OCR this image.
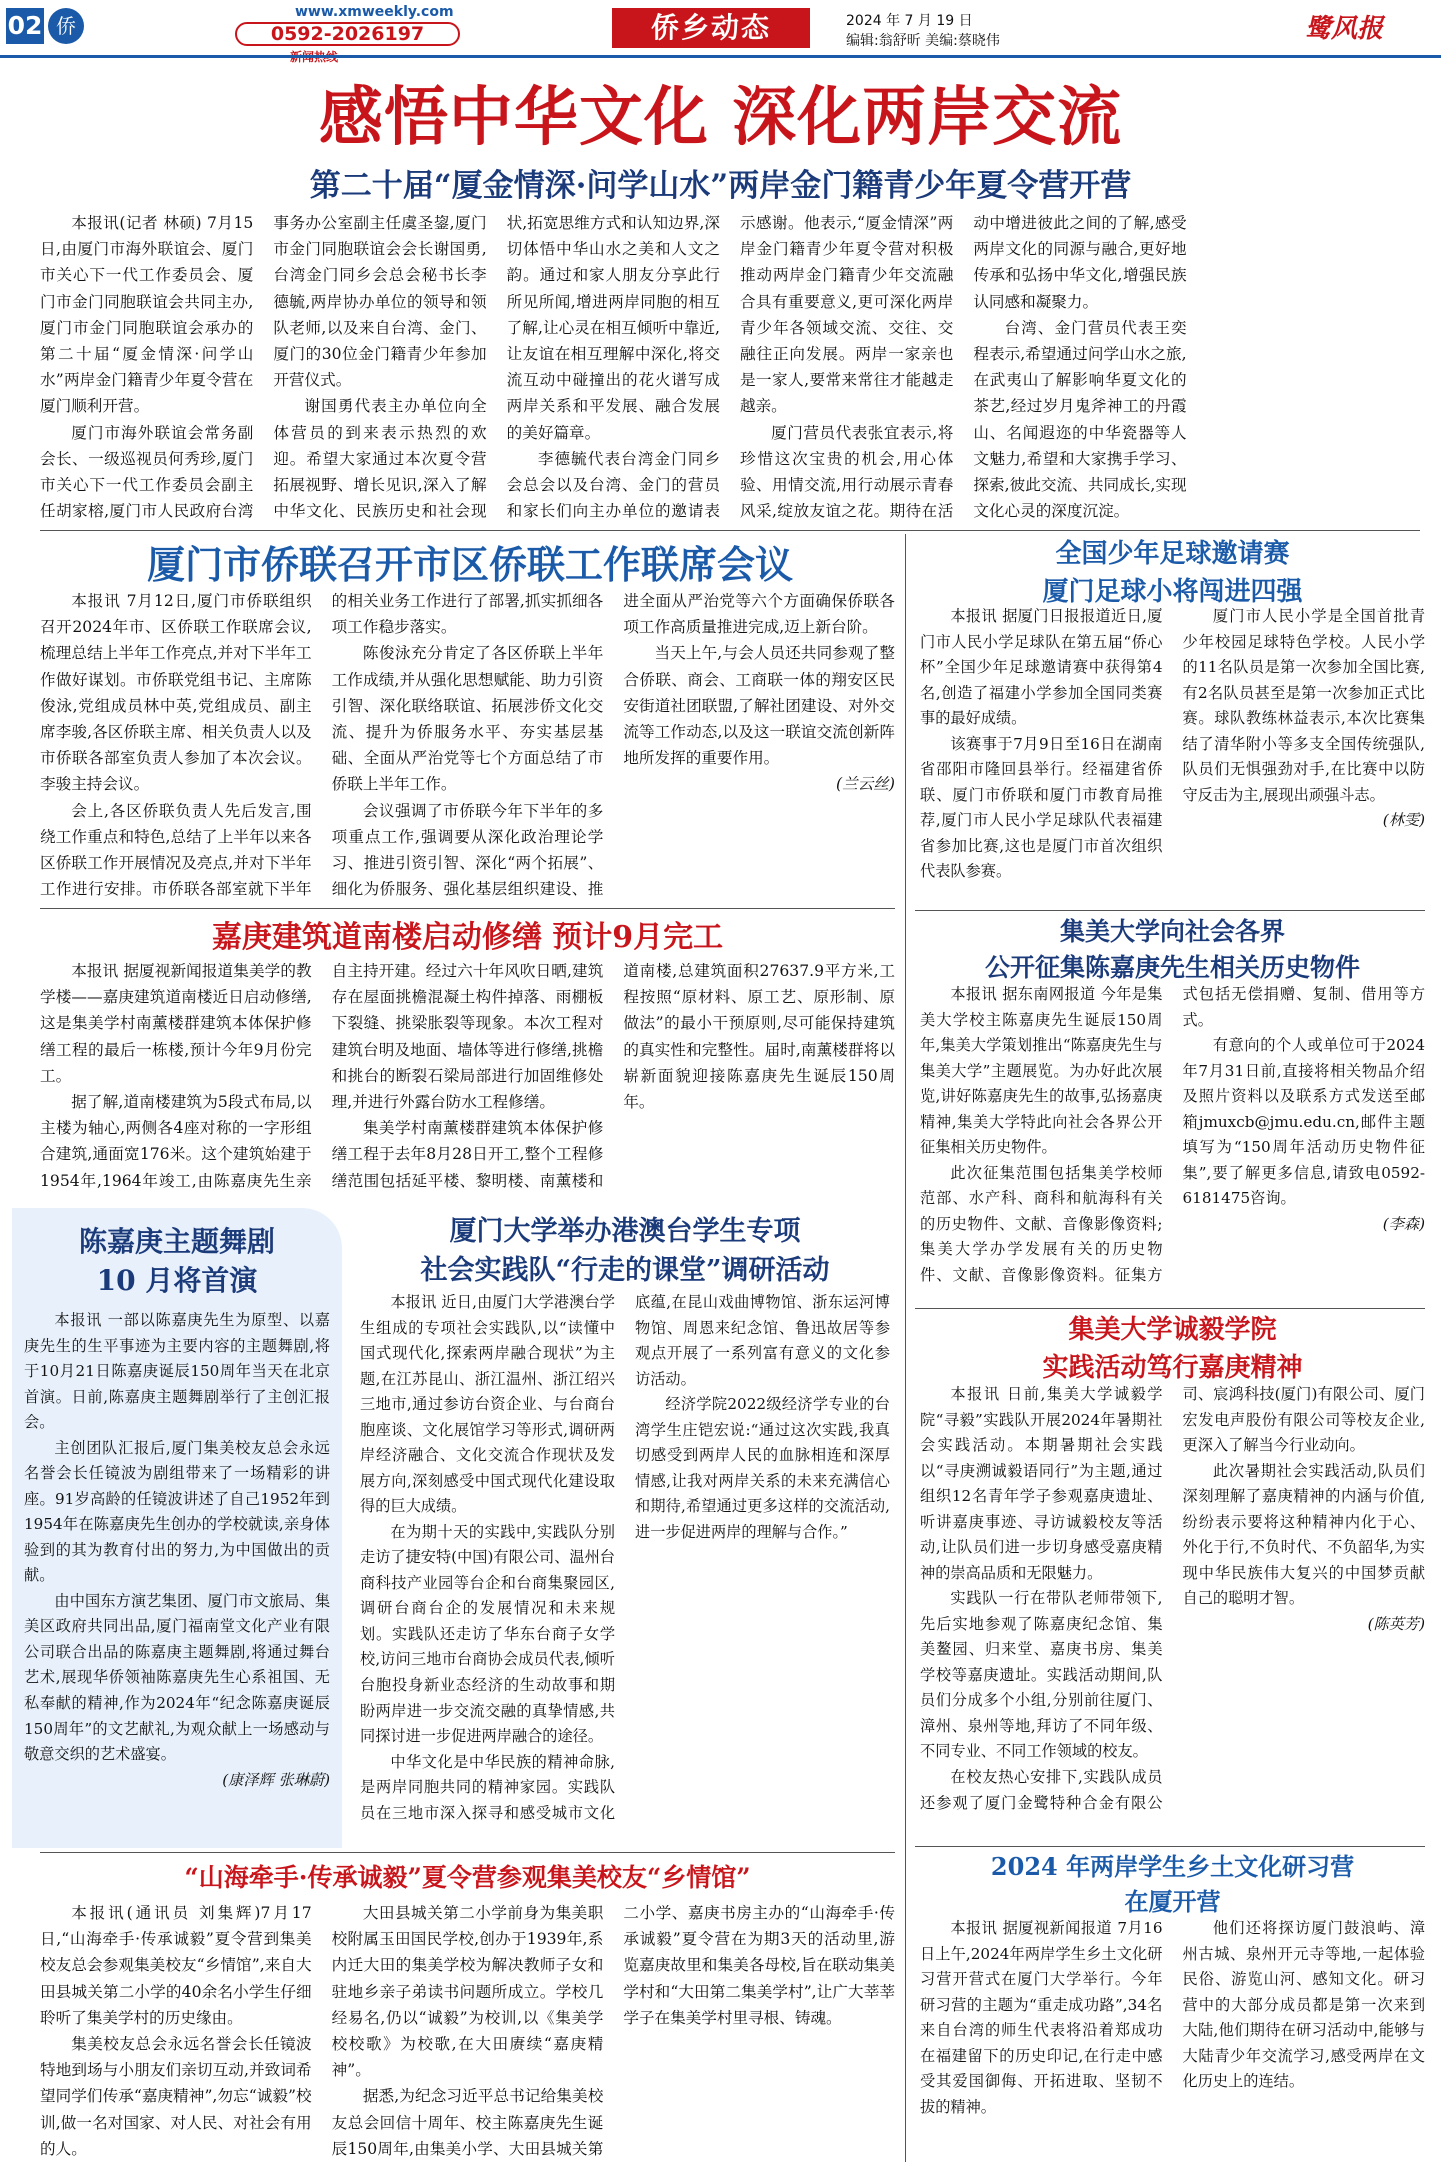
02 侨
www.xmweekly.com
0592-2026197	侨乡动态	2024 年 7 月 19 日
编辑:翁舒昕 美编:蔡晓伟	鹭风报
感悟中华文化 深化两岸交流
第二十届“厦金情深·问学山水”两岸金门籍青少年夏令营开营

本报讯(记者 林硕) 7月15日,由厦门市海外联谊会、厦门市关心下一代工作委员会、厦门市金门同胞联谊会共同主办,厦门市金门同胞联谊会承办的第二十届“厦金情深·问学山水”两岸金门籍青少年夏令营在厦门顺利开营。

厦门市海外联谊会常务副会长、一级巡视员何秀珍,厦门市关心下一代工作委员会副主任胡家榕,厦门市人民政府台湾事务办公室副主任虞圣鋆,厦门市金门同胞联谊会会长谢国勇,台湾金门同乡会总会秘书长李德毓,两岸协办单位的领导和领队老师,以及来自台湾、金门、厦门的30位金门籍青少年参加开营仪式。

谢国勇代表主办单位向全体营员的到来表示热烈的欢迎。希望大家通过本次夏令营拓展视野、增长见识,深入了解中华文化、民族历史和社会现状,拓宽思维方式和认知边界,深切体悟中华山水之美和人文之韵。通过和家人朋友分享此行所见所闻,增进两岸同胞的相互了解,让心灵在相互倾听中靠近,让友谊在相互理解中深化,将交流互动中碰撞出的花火谱写成两岸关系和平发展、融合发展的美好篇章。

李德毓代表台湾金门同乡会总会以及台湾、金门的营员和家长们向主办单位的邀请表示感谢。他表示,“厦金情深”两岸金门籍青少年夏令营对积极推动两岸金门籍青少年交流融合具有重要意义,更可深化两岸青少年各领域交流、交往、交融往正向发展。两岸一家亲也是一家人,要常来常往才能越走越亲。

厦门营员代表张宜表示,将珍惜这次宝贵的机会,用心体验、用情交流,用行动展示青春风采,绽放友谊之花。期待在活动中增进彼此之间的了解,感受两岸文化的同源与融合,更好地传承和弘扬中华文化,增强民族认同感和凝聚力。

台湾、金门营员代表王奕程表示,希望通过问学山水之旅,在武夷山了解影响华夏文化的茶艺,经过岁月鬼斧神工的丹霞山、名闻遐迩的中华瓷器等人文魅力,希望和大家携手学习、探索,彼此交流、共同成长,实现文化心灵的深度沉淀。

厦门市侨联召开市区侨联工作联席会议

本报讯 7月12日,厦门市侨联组织召开2024年市、区侨联工作联席会议,梳理总结上半年工作亮点,并对下半年工作做好谋划。市侨联党组书记、主席陈俊泳,党组成员林中英,党组成员、副主席李骏,各区侨联主席、相关负责人以及市侨联各部室负责人参加了本次会议。李骏主持会议。

会上,各区侨联负责人先后发言,围绕工作重点和特色,总结了上半年以来各区侨联工作开展情况及亮点,并对下半年工作进行安排。市侨联各部室就下半年的相关业务工作进行了部署,抓实抓细各项工作稳步落实。

陈俊泳充分肯定了各区侨联上半年工作成绩,并从强化思想赋能、助力引资引智、深化联络联谊、拓展涉侨文化交流、提升为侨服务水平、夯实基层基础、全面从严治党等七个方面总结了市侨联上半年工作。

会议强调了市侨联今年下半年的多项重点工作,强调要从深化政治理论学习、推进引资引智、深化“两个拓展”、细化为侨服务、强化基层组织建设、推进全面从严治党等六个方面确保侨联各项工作高质量推进完成,迈上新台阶。

当天上午,与会人员还共同参观了整合侨联、商会、工商联一体的翔安区民安街道社团联盟,了解社团建设、对外交流等工作动态,以及这一联谊交流创新阵地所发挥的重要作用。

(兰云丝)
嘉庚建筑道南楼启动修缮 预计9月完工

本报讯 据厦视新闻报道集美学的教学楼——嘉庚建筑道南楼近日启动修缮,这是集美学村南薰楼群建筑本体保护修缮工程的最后一栋楼,预计今年9月份完工。

据了解,道南楼建筑为5段式布局,以主楼为轴心,两侧各4座对称的一字形组合建筑,通面宽176米。这个建筑始建于1954年,1964年竣工,由陈嘉庚先生亲自主持开建。经过六十年风吹日晒,建筑存在屋面挑檐混凝土构件掉落、雨棚板下裂缝、挑梁胀裂等现象。本次工程对建筑台明及地面、墙体等进行修缮,挑檐和挑台的断裂石梁局部进行加固维修处理,并进行外露台防水工程修缮。

集美学村南薰楼群建筑本体保护修缮工程于去年8月28日开工,整个工程修缮范围包括延平楼、黎明楼、南薰楼和道南楼,总建筑面积27637.9平方米,工程按照“原材料、原工艺、原形制、原做法”的最小干预原则,尽可能保持建筑的真实性和完整性。届时,南薰楼群将以崭新面貌迎接陈嘉庚先生诞辰150周年。

陈嘉庚主题舞剧
10 月将首演

本报讯 一部以陈嘉庚先生为原型、以嘉庚先生的生平事迹为主要内容的主题舞剧,将于10月21日陈嘉庚诞辰150周年当天在北京首演。日前,陈嘉庚主题舞剧举行了主创汇报会。

主创团队汇报后,厦门集美校友总会永远名誉会长任镜波为剧组带来了一场精彩的讲座。91岁高龄的任镜波讲述了自己1952年到1954年在陈嘉庚先生创办的学校就读,亲身体验到的其为教育付出的努力,为中国做出的贡献。

由中国东方演艺集团、厦门市文旅局、集美区政府共同出品,厦门福南堂文化产业有限公司联合出品的陈嘉庚主题舞剧,将通过舞台艺术,展现华侨领袖陈嘉庚先生心系祖国、无私奉献的精神,作为2024年“纪念陈嘉庚诞辰150周年”的文艺献礼,为观众献上一场感动与敬意交织的艺术盛宴。

(康泽辉 张琳蔚)
厦门大学举办港澳台学生专项
社会实践队“行走的课堂”调研活动

本报讯 近日,由厦门大学港澳台学生组成的专项社会实践队,以“读懂中国式现代化,探索两岸融合现状”为主题,在江苏昆山、浙江温州、浙江绍兴三地市,通过参访台资企业、与台商台胞座谈、文化展馆学习等形式,调研两岸经济融合、文化交流合作现状及发展方向,深刻感受中国式现代化建设取得的巨大成绩。

在为期十天的实践中,实践队分别走访了捷安特(中国)有限公司、温州台商科技产业园等台企和台商集聚园区,调研台商台企的发展情况和未来规划。实践队还走访了华东台商子女学校,访问三地市台商协会成员代表,倾听台胞投身新业态经济的生动故事和期盼两岸进一步交流交融的真挚情感,共同探讨进一步促进两岸融合的途径。

中华文化是中华民族的精神命脉,是两岸同胞共同的精神家园。实践队员在三地市深入探寻和感受城市文化底蕴,在昆山戏曲博物馆、浙东运河博物馆、周恩来纪念馆、鲁迅故居等参观点开展了一系列富有意义的文化参访活动。

经济学院2022级经济学专业的台湾学生庄铠宏说:“通过这次实践,我真切感受到两岸人民的血脉相连和深厚情感,让我对两岸关系的未来充满信心和期待,希望通过更多这样的交流活动,进一步促进两岸的理解与合作。”

“山海牵手·传承诚毅”夏令营参观集美校友“乡情馆”

本报讯(通讯员 刘集辉)7月17日,“山海牵手·传承诚毅”夏令营到集美校友总会参观集美校友“乡情馆”,来自大田县城关第二小学的40余名小学生仔细聆听了集美学村的历史缘由。

集美校友总会永远名誉会长任镜波特地到场与小朋友们亲切互动,并致词希望同学们传承“嘉庚精神”,勿忘“诚毅”校训,做一名对国家、对人民、对社会有用的人。

大田县城关第二小学前身为集美职校附属玉田国民学校,创办于1939年,系内迁大田的集美学校为解决教师子女和驻地乡亲子弟读书问题所成立。学校几经易名,仍以“诚毅”为校训,以《集美学校校歌》为校歌,在大田赓续“嘉庚精神”。

据悉,为纪念习近平总书记给集美校友总会回信十周年、校主陈嘉庚先生诞辰150周年,由集美小学、大田县城关第二小学、嘉庚书房主办的“山海牵手·传承诚毅”夏令营在为期3天的活动里,游览嘉庚故里和集美各母校,旨在联动集美学村和“大田第二集美学村”,让广大莘莘学子在集美学村里寻根、铸魂。

全国少年足球邀请赛
厦门足球小将闯进四强

本报讯 据厦门日报报道近日,厦门市人民小学足球队在第五届“侨心杯”全国少年足球邀请赛中获得第4名,创造了福建小学参加全国同类赛事的最好成绩。

该赛事于7月9日至16日在湖南省邵阳市隆回县举行。经福建省侨联、厦门市侨联和厦门市教育局推荐,厦门市人民小学足球队代表福建省参加比赛,这也是厦门市首次组织代表队参赛。

厦门市人民小学是全国首批青少年校园足球特色学校。人民小学的11名队员是第一次参加全国比赛,有2名队员甚至是第一次参加正式比赛。球队教练林益表示,本次比赛集结了清华附小等多支全国传统强队,队员们无惧强劲对手,在比赛中以防守反击为主,展现出顽强斗志。

(林雯)
集美大学向社会各界
公开征集陈嘉庚先生相关历史物件

本报讯 据东南网报道 今年是集美大学校主陈嘉庚先生诞辰150周年,集美大学策划推出“陈嘉庚先生与集美大学”主题展览。为办好此次展览,讲好陈嘉庚先生的故事,弘扬嘉庚精神,集美大学特此向社会各界公开征集相关历史物件。

此次征集范围包括集美学校师范部、水产科、商科和航海科有关的历史物件、文献、音像影像资料;集美大学办学发展有关的历史物件、文献、音像影像资料。征集方式包括无偿捐赠、复制、借用等方式。

有意向的个人或单位可于2024年7月31日前,直接将相关物品介绍及照片资料以及联系方式发送至邮箱jmuxcb@jmu.edu.cn,邮件主题填写为“150周年活动历史物件征集”,要了解更多信息,请致电0592-6181475咨询。

(李森)
集美大学诚毅学院
实践活动笃行嘉庚精神

本报讯 日前,集美大学诚毅学院“寻毅”实践队开展2024年暑期社会实践活动。本期暑期社会实践以“寻庚溯诚毅语同行”为主题,通过组织12名青年学子参观嘉庚遗址、听讲嘉庚事迹、寻访诚毅校友等活动,让队员们进一步切身感受嘉庚精神的崇高品质和无限魅力。

实践队一行在带队老师带领下,先后实地参观了陈嘉庚纪念馆、集美鳌园、归来堂、嘉庚书房、集美学校等嘉庚遗址。实践活动期间,队员们分成多个小组,分别前往厦门、漳州、泉州等地,拜访了不同年级、不同专业、不同工作领域的校友。

在校友热心安排下,实践队成员还参观了厦门金鹭特种合金有限公司、宸鸿科技(厦门)有限公司、厦门宏发电声股份有限公司等校友企业,更深入了解当今行业动向。

此次暑期社会实践活动,队员们深刻理解了嘉庚精神的内涵与价值,纷纷表示要将这种精神内化于心、外化于行,不负时代、不负韶华,为实现中华民族伟大复兴的中国梦贡献自己的聪明才智。

(陈英芳)
2024 年两岸学生乡土文化研习营
在厦开营

本报讯 据厦视新闻报道 7月16日上午,2024年两岸学生乡土文化研习营开营式在厦门大学举行。今年研习营的主题为“重走成功路”,34名来自台湾的师生代表将沿着郑成功在福建留下的历史印记,在行走中感受其爱国御侮、开拓进取、坚韧不拔的精神。

他们还将探访厦门鼓浪屿、漳州古城、泉州开元寺等地,一起体验民俗、游览山河、感知文化。研习营中的大部分成员都是第一次来到大陆,他们期待在研习活动中,能够与大陆青少年交流学习,感受两岸在文化历史上的连结。
